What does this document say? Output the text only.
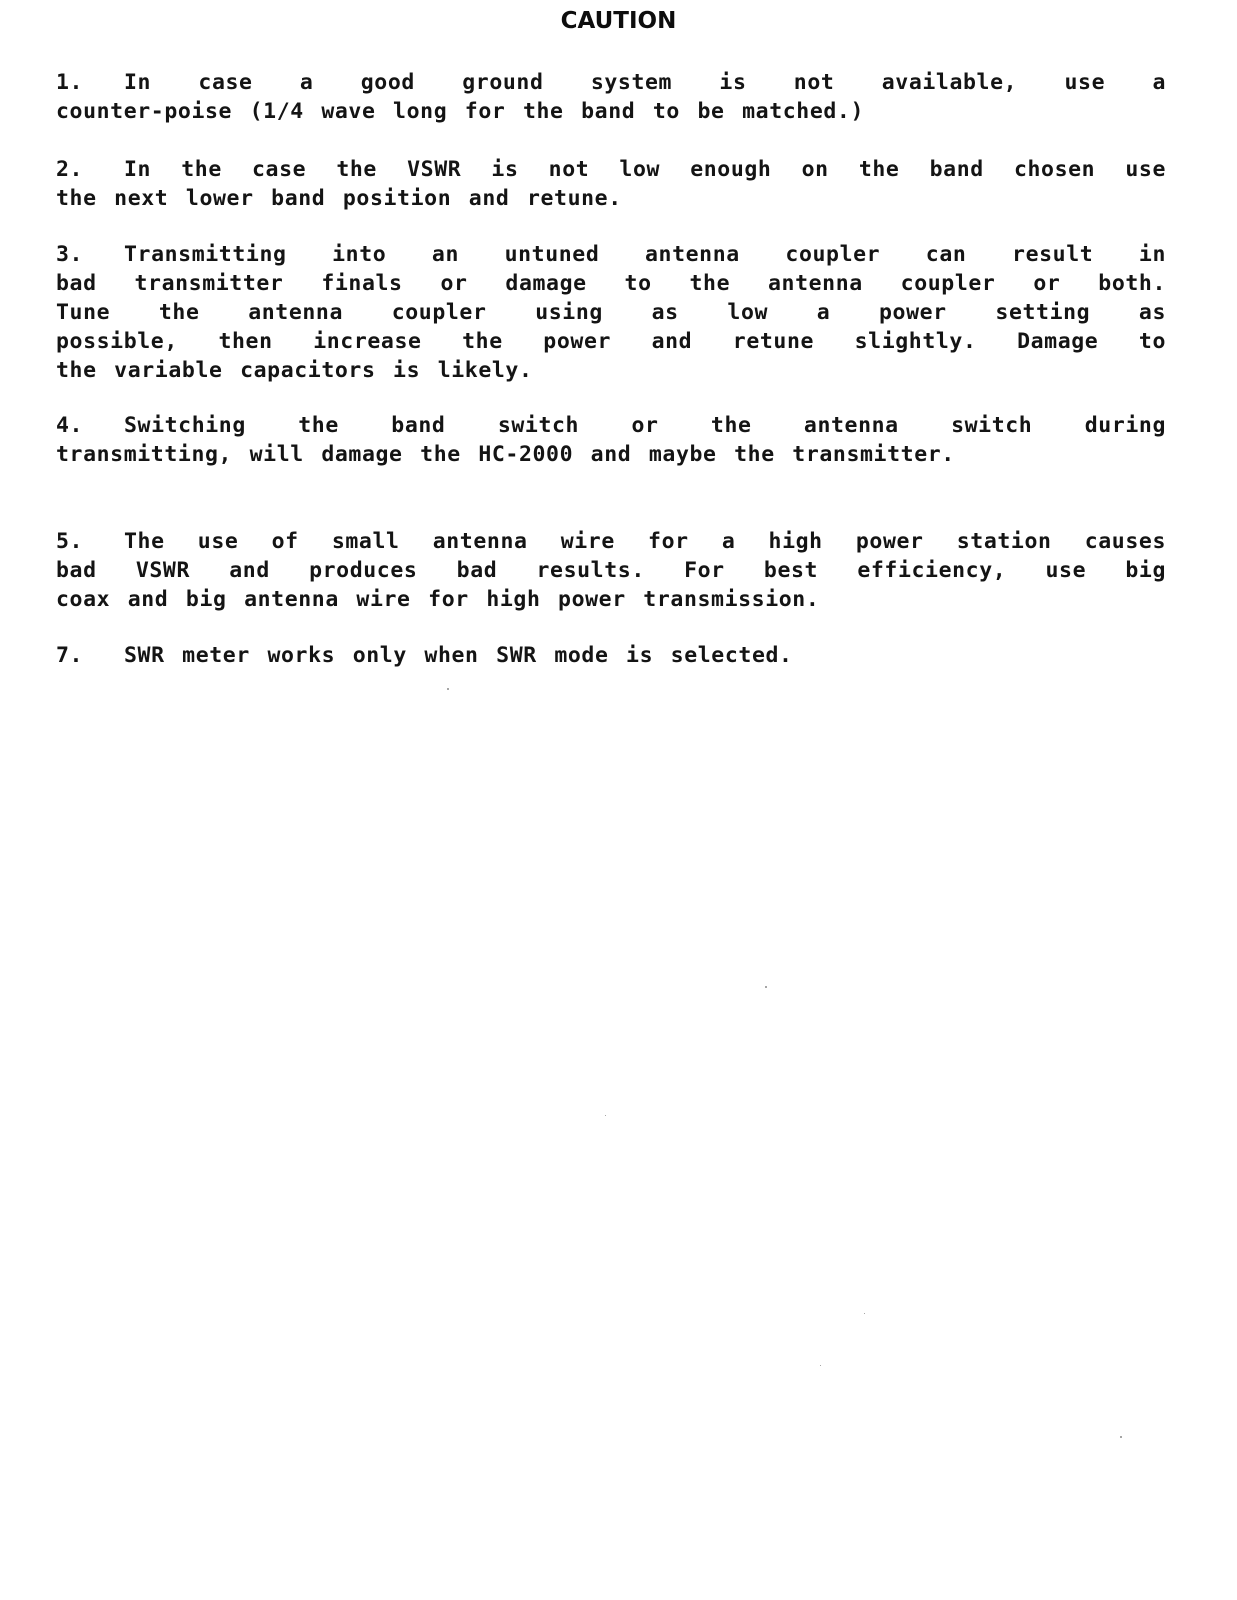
CAUTION
1. In case a good ground system is not available, use a
counter-poise (1/4 wave long for the band to be matched.)
2. In the case the VSWR is not low enough on the band chosen use
the next lower band position and retune.
3. Transmitting into an untuned antenna coupler can result in
bad transmitter finals or damage to the antenna coupler or both.
Tune the antenna coupler using as low a power setting as
possible, then increase the power and retune slightly. Damage to
the variable capacitors is likely.
4. Switching the band switch or the antenna switch during
transmitting, will damage the HC-2000 and maybe the transmitter.
5. The use of small antenna wire for a high power station causes
bad VSWR and produces bad results. For best efficiency, use big
coax and big antenna wire for high power transmission.
7. SWR meter works only when SWR mode is selected.
